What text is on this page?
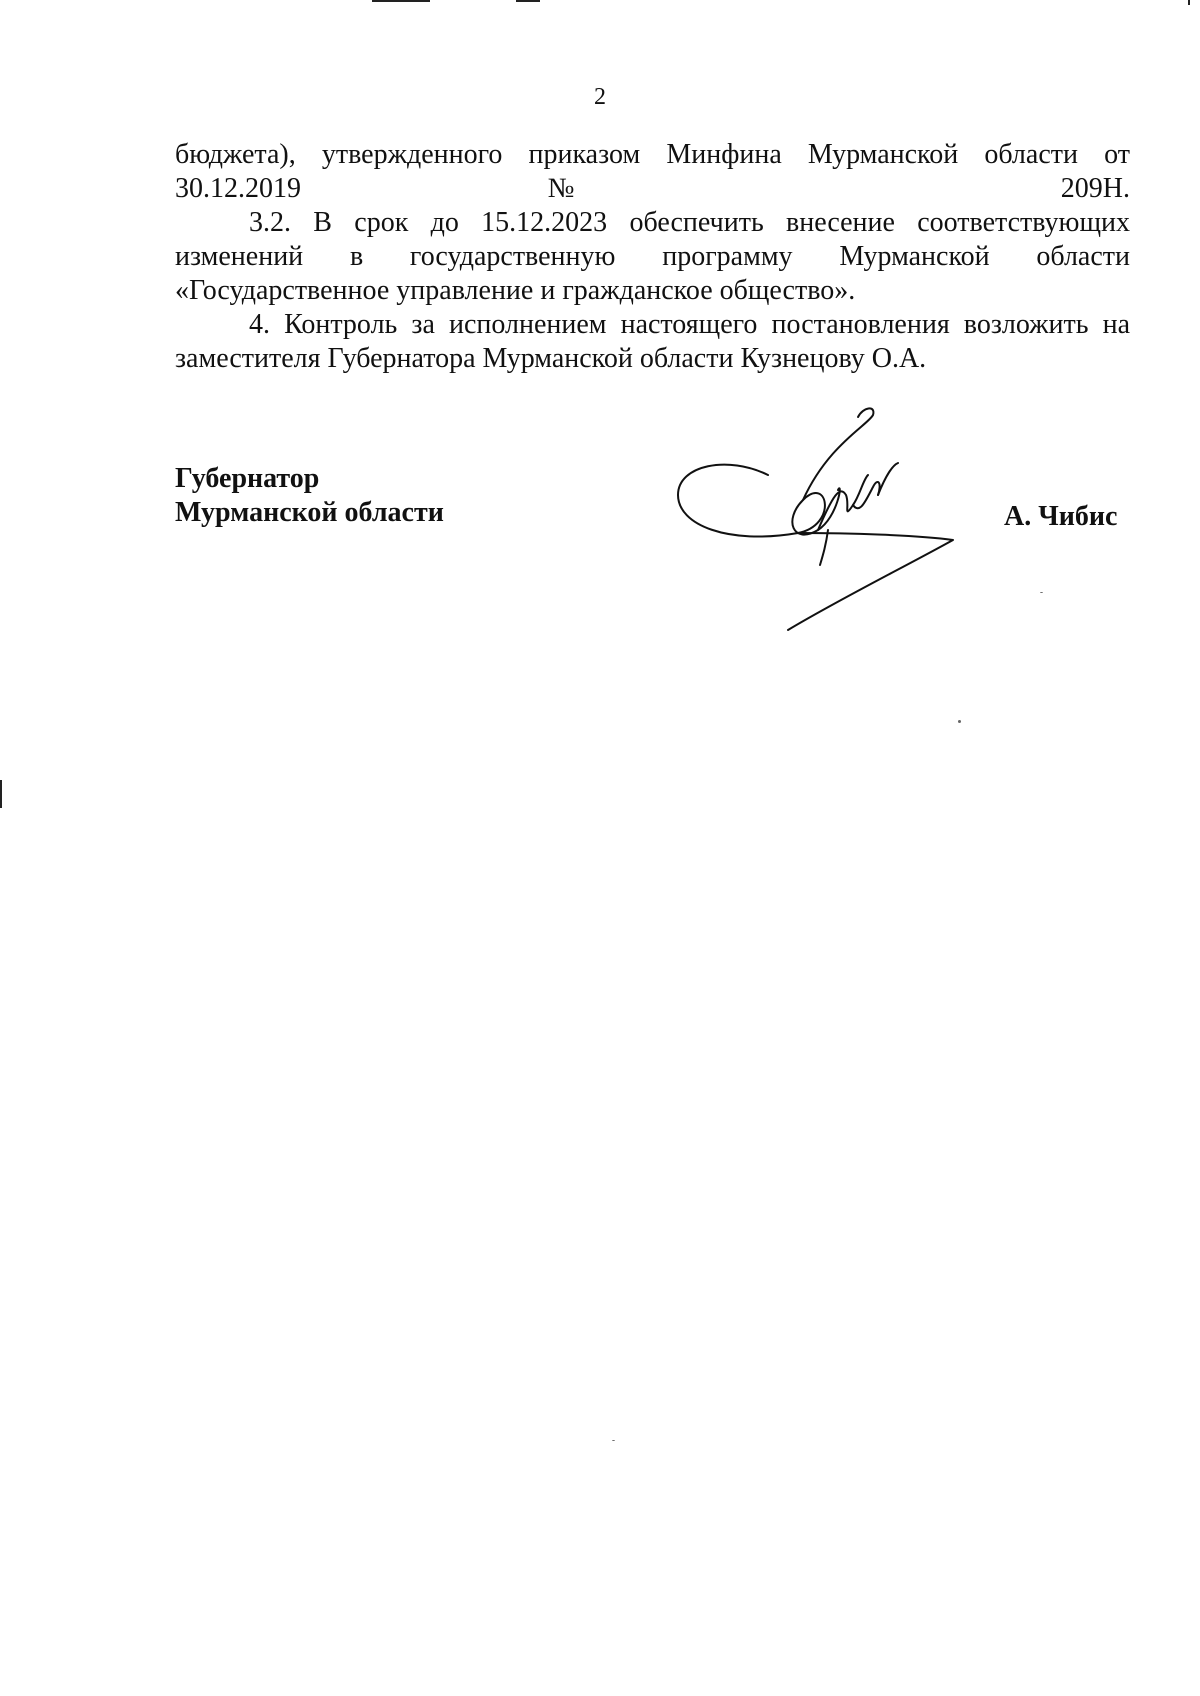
2

бюджета), утвержденного приказом Минфина Мурманской области от 30.12.2019 № 209Н.

3.2. В срок до 15.12.2023 обеспечить внесение соответствующих изменений в государственную программу Мурманской области «Государственное управление и гражданское общество».

4. Контроль за исполнением настоящего постановления возложить на заместителя Губернатора Мурманской области Кузнецову О.А.

Губернатор
Мурманской области	А. Чибис
